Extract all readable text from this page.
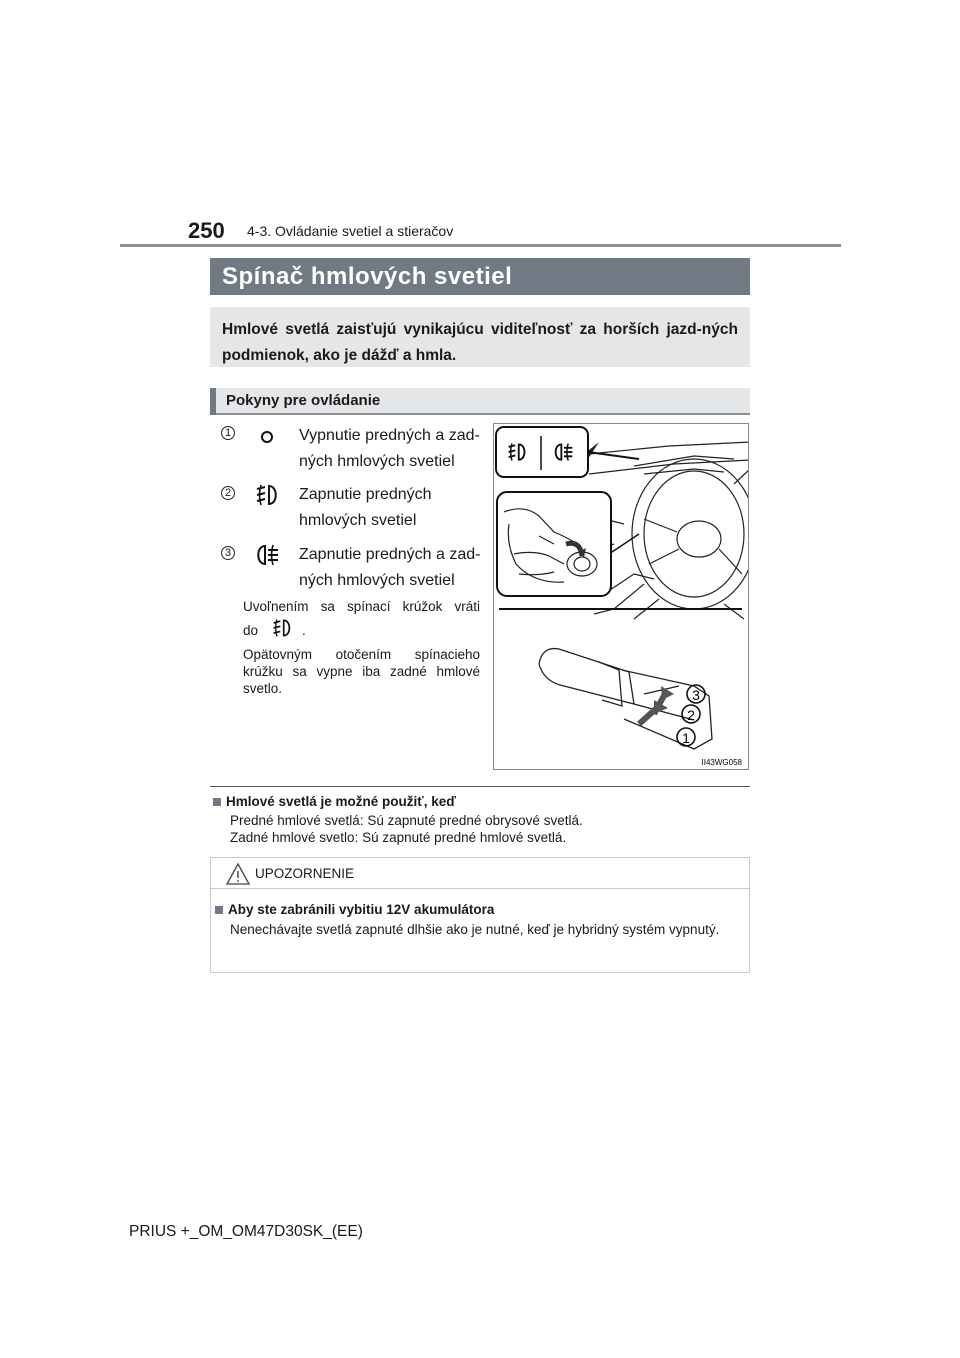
250 4-3. Ovládanie svetiel a stieračov
Spínač hmlových svetiel
Hmlové svetlá zaisťujú vynikajúcu viditeľnosť za horších jazd-ných podmienok, ako je dážď a hmla.
Pokyny pre ovládanie
1	Vypnutie predných a zad-
ných hmlových svetiel
2	Zapnutie predných
hmlových svetiel
3	Zapnutie predných a zad-
ných hmlových svetiel
Uvoľnením sa spínací krúžok vráti
do	.
Opätovným otočením spínacieho krúžku sa vypne iba zadné hmlové svetlo.	3
2
1
II43WG058
Hmlové svetlá je možné použiť, keď
Predné hmlové svetlá: Sú zapnuté predné obrysové svetlá.
Zadné hmlové svetlo: Sú zapnuté predné hmlové svetlá.
UPOZORNENIE
Aby ste zabránili vybitiu 12V akumulátora
Nenechávajte svetlá zapnuté dlhšie ako je nutné, keď je hybridný systém vypnutý.
PRIUS +_OM_OM47D30SK_(EE)
